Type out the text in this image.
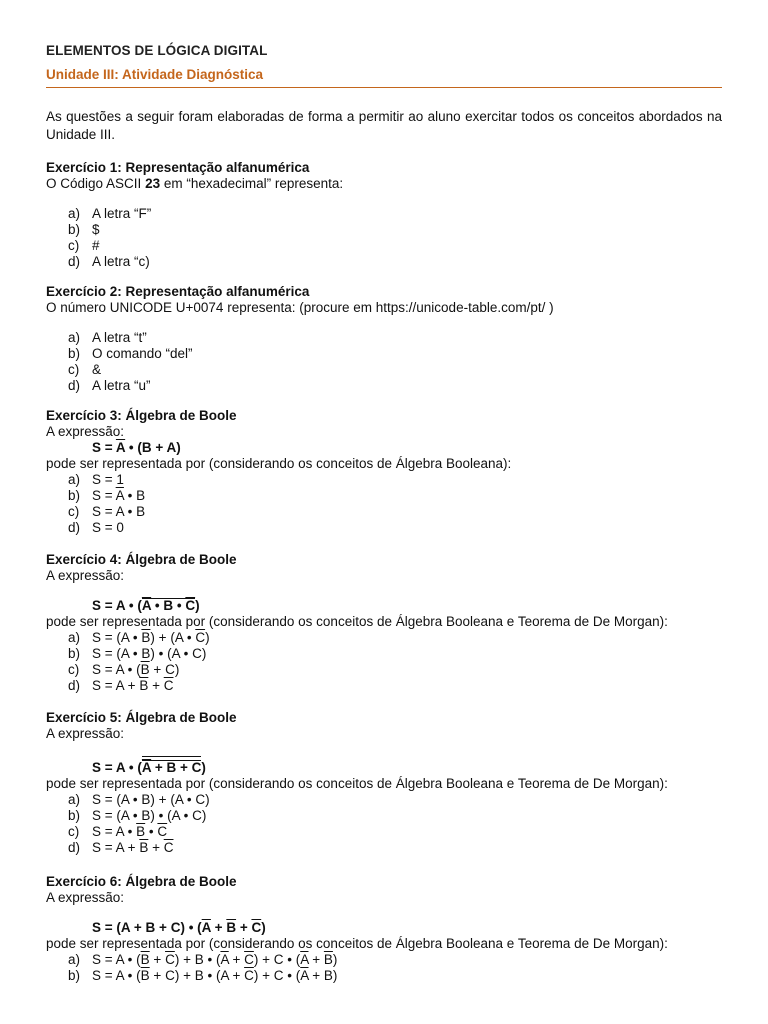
ELEMENTOS DE LÓGICA DIGITAL
Unidade III: Atividade Diagnóstica
As questões a seguir foram elaboradas de forma a permitir ao aluno exercitar todos os conceitos abordados na Unidade III.
Exercício 1: Representação alfanumérica
O Código ASCII 23 em “hexadecimal” representa:
a) A letra “F”
b) $
c) #
d) A letra “c)
Exercício 2: Representação alfanumérica
O número UNICODE U+0074 representa: (procure em https://unicode-table.com/pt/ )
a) A letra “t”
b) O comando “del”
c) &
d) A letra “u”
Exercício 3: Álgebra de Boole
A expressão:
$S = \overline{A}$ • (B + A)
pode ser representada por (considerando os conceitos de Álgebra Booleana):
a) S = 1
b) $S = \overline{A}$ • B
c) S = A • B
d) S = 0
Exercício 4: Álgebra de Boole
A expressão:
S = A • ($\overline{A}$ • B • $\overline{C}$)
pode ser representada por (considerando os conceitos de Álgebra Booleana e Teorema de De Morgan):
a) S = (A • $\overline{B}) + (A$ • $\overline{C}$)
b) S = (A • B) • (A • C)
c) S = A • $(\overline{B} + C)$
d) $S = A + \overline{B} + \overline{C}$
Exercício 5: Álgebra de Boole
A expressão:
S = A • $(\overline{A} + B + C)$
pode ser representada por (considerando os conceitos de Álgebra Booleana e Teorema de De Morgan):
a) S = (A • B) + (A • C)
b) S = (A • B) • (A • C)
c) S = A • $\overline{B}$ • $\overline{C}$
d) $S = A + \overline{B} + \overline{C}$
Exercício 6: Álgebra de Boole
A expressão:
S = (A + B + C) • $(\overline{A} + \overline{B} + \overline{C})$
pode ser representada por (considerando os conceitos de Álgebra Booleana e Teorema de De Morgan):
a) S = A • $(\overline{B} + \overline{C}) + B$ • $(\overline{A} + \overline{C}) + C$ • $(\overline{A} + \overline{B})$
b) S = A • $(\overline{B} + C) + B$ • $(A + \overline{C}) + C$ • $(\overline{A} + B)$
